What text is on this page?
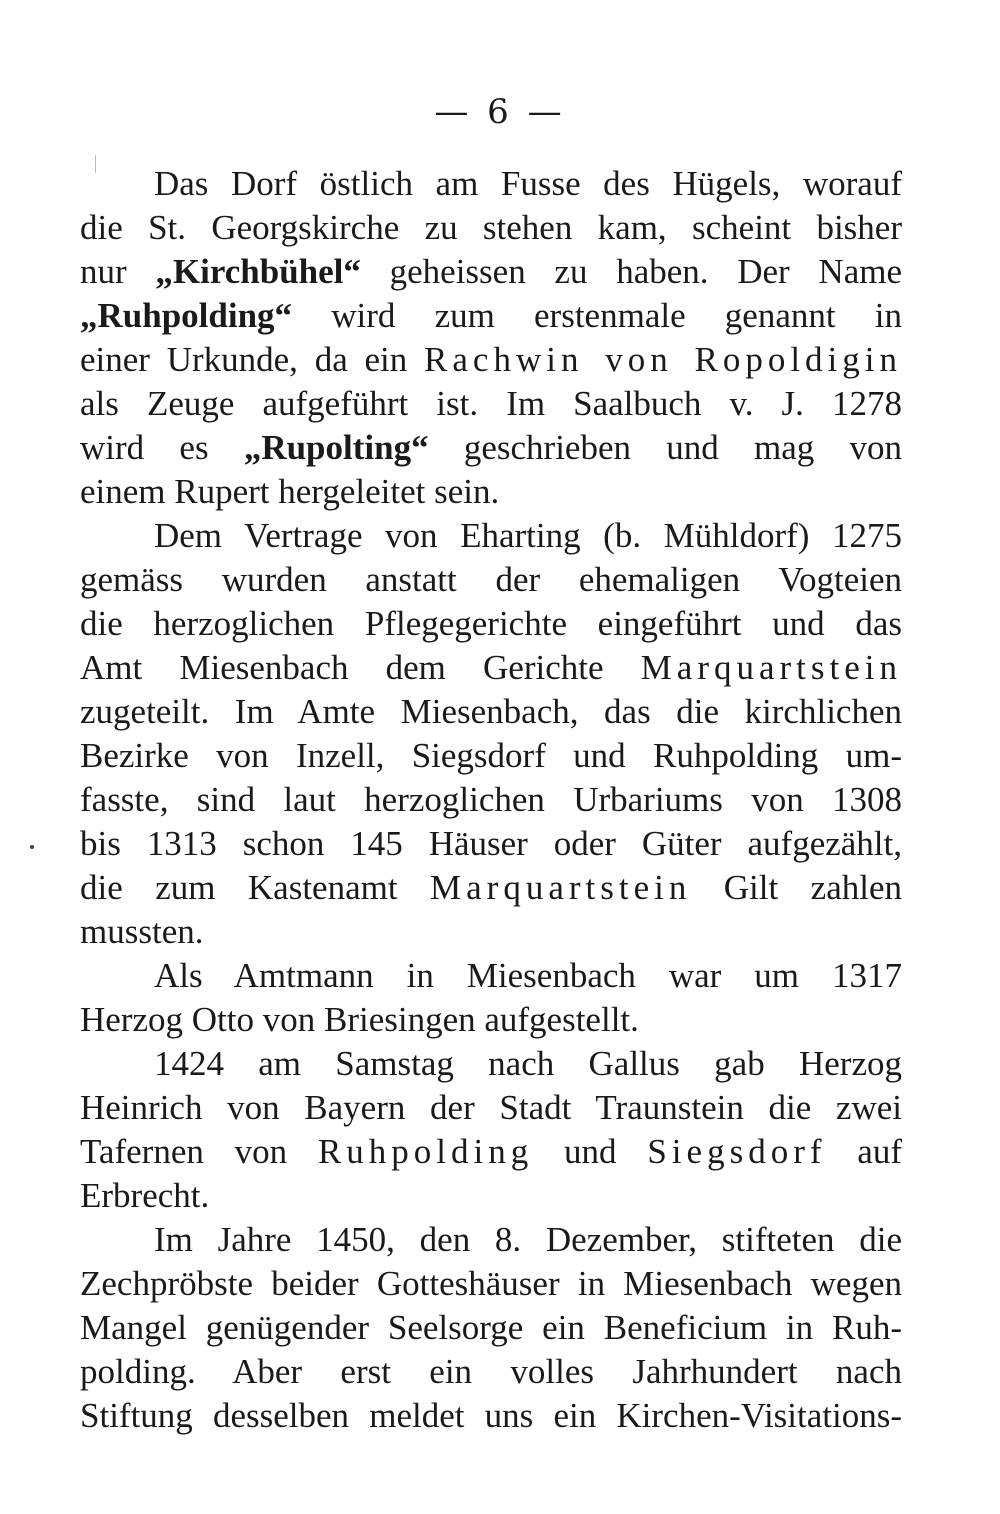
— 6 —

Das Dorf östlich am Fusse des Hügels, worauf
die St. Georgskirche zu stehen kam, scheint bisher
nur „Kirchbühel“ geheissen zu haben. Der Name
„Ruhpolding“ wird zum erstenmale genannt in
einer Urkunde, da ein Rachwin von Ropoldigin
als Zeuge aufgeführt ist. Im Saalbuch v. J. 1278
wird es „Rupolting“ geschrieben und mag von
einem Rupert hergeleitet sein.

Dem Vertrage von Eharting (b. Mühldorf) 1275
gemäss wurden anstatt der ehemaligen Vogteien
die herzoglichen Pflegegerichte eingeführt und das
Amt Miesenbach dem Gerichte Marquartstein
zugeteilt. Im Amte Miesenbach, das die kirchlichen
Bezirke von Inzell, Siegsdorf und Ruhpolding um-
fasste, sind laut herzoglichen Urbariums von 1308
bis 1313 schon 145 Häuser oder Güter aufgezählt,
die zum Kastenamt Marquartstein Gilt zahlen
mussten.

Als Amtmann in Miesenbach war um 1317
Herzog Otto von Briesingen aufgestellt.

1424 am Samstag nach Gallus gab Herzog
Heinrich von Bayern der Stadt Traunstein die zwei
Tafernen von Ruhpolding und Siegsdorf auf
Erbrecht.

Im Jahre 1450, den 8. Dezember, stifteten die
Zechpröbste beider Gotteshäuser in Miesenbach wegen
Mangel genügender Seelsorge ein Beneficium in Ruh-
polding. Aber erst ein volles Jahrhundert nach
Stiftung desselben meldet uns ein Kirchen-Visitations-
